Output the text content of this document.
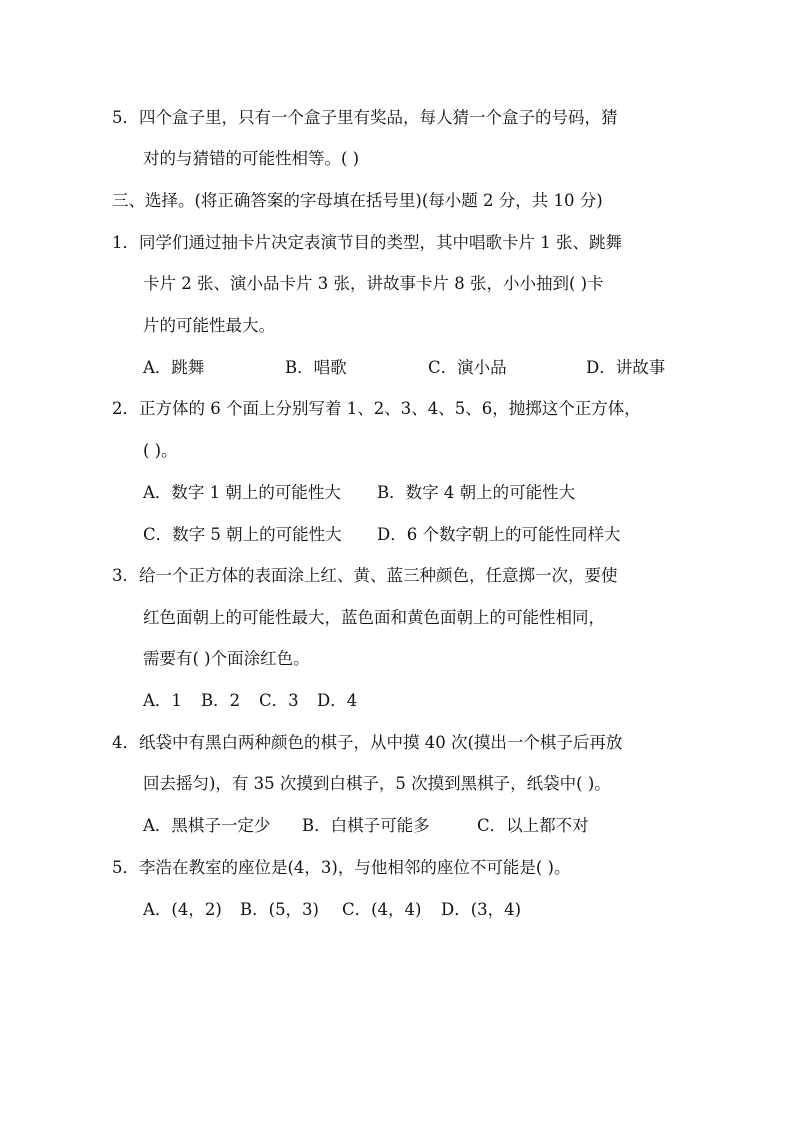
5．四个盒子里，只有一个盒子里有奖品，每人猜一个盒子的号码，猜

对的与猜错的可能性相等。( )

三、选择。(将正确答案的字母填在括号里)(每小题 2 分，共 10 分)

1．同学们通过抽卡片决定表演节目的类型，其中唱歌卡片 1 张、跳舞

卡片 2 张、演小品卡片 3 张，讲故事卡片 8 张，小小抽到( )卡

片的可能性最大。

A．跳舞	B．唱歌	C．演小品	D．讲故事

2．正方体的 6 个面上分别写着 1、2、3、4、5、6，抛掷这个正方体，

( )。

A．数字 1 朝上的可能性大 B．数字 4 朝上的可能性大
C．数字 5 朝上的可能性大 D．6 个数字朝上的可能性同样大

3．给一个正方体的表面涂上红、黄、蓝三种颜色，任意掷一次，要使

红色面朝上的可能性最大，蓝色面和黄色面朝上的可能性相同，

需要有( )个面涂红色。

A．1 B．2 C．3 D．4

4．纸袋中有黑白两种颜色的棋子，从中摸 40 次(摸出一个棋子后再放

回去摇匀)，有 35 次摸到白棋子，5 次摸到黑棋子，纸袋中( )。

A．黑棋子一定少 B．白棋子可能多	C．以上都不对

5．李浩在教室的座位是(4，3)，与他相邻的座位不可能是( )。

A．(4，2) B．(5，3) C．(4，4) D．(3，4)
